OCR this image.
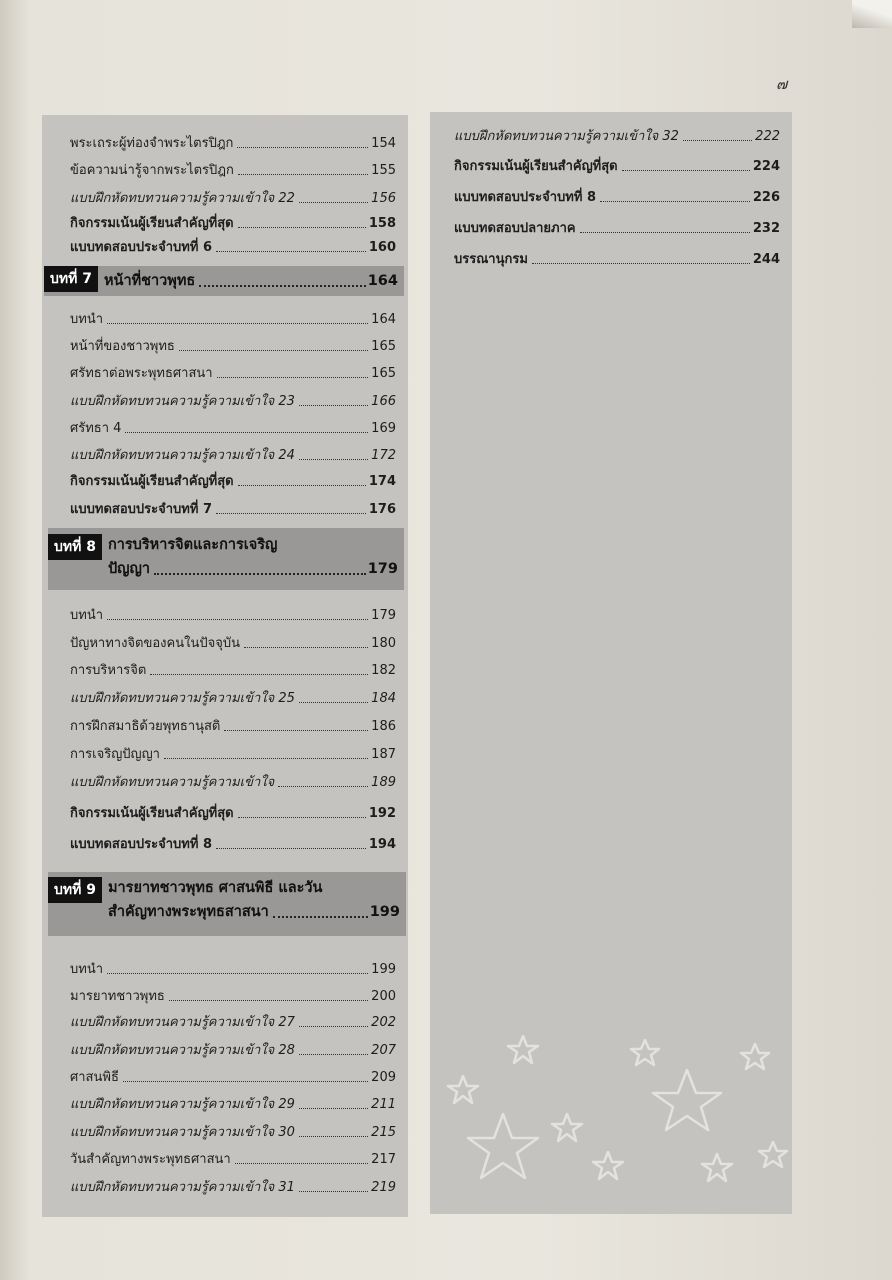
๗
พระเถระผู้ท่องจำพระไตรปิฎก	154
ข้อความน่ารู้จากพระไตรปิฎก	155
แบบฝึกหัดทบทวนความรู้ความเข้าใจ 22	156
กิจกรรมเน้นผู้เรียนสำคัญที่สุด	158
แบบทดสอบประจำบทที่ 6	160
บทที่ 7 หน้าที่ชาวพุทธ	164
บทนำ	164
หน้าที่ของชาวพุทธ	165
ศรัทธาต่อพระพุทธศาสนา	165
แบบฝึกหัดทบทวนความรู้ความเข้าใจ 23	166
ศรัทธา 4	169
แบบฝึกหัดทบทวนความรู้ความเข้าใจ 24	172
กิจกรรมเน้นผู้เรียนสำคัญที่สุด	174
แบบทดสอบประจำบทที่ 7	176
บทที่ 8 การบริหารจิตและการเจริญ
ปัญญา	179
บทนำ	179
ปัญหาทางจิตของคนในปัจจุบัน	180
การบริหารจิต	182
แบบฝึกหัดทบทวนความรู้ความเข้าใจ 25	184
การฝึกสมาธิด้วยพุทธานุสติ	186
การเจริญปัญญา	187
แบบฝึกหัดทบทวนความรู้ความเข้าใจ	189
กิจกรรมเน้นผู้เรียนสำคัญที่สุด	192
แบบทดสอบประจำบทที่ 8	194
บทที่ 9 มารยาทชาวพุทธ ศาสนพิธี และวัน
สำคัญทางพระพุทธสาสนา	199
บทนำ	199
มารยาทชาวพุทธ	200
แบบฝึกหัดทบทวนความรู้ความเข้าใจ 27	202
แบบฝึกหัดทบทวนความรู้ความเข้าใจ 28	207
ศาสนพิธี	209
แบบฝึกหัดทบทวนความรู้ความเข้าใจ 29	211
แบบฝึกหัดทบทวนความรู้ความเข้าใจ 30	215
วันสำคัญทางพระพุทธศาสนา	217
แบบฝึกหัดทบทวนความรู้ความเข้าใจ 31	219
แบบฝึกหัดทบทวนความรู้ความเข้าใจ 32	222
กิจกรรมเน้นผู้เรียนสำคัญที่สุด	224
แบบทดสอบประจำบทที่ 8	226
แบบทดสอบปลายภาค	232
บรรณานุกรม	244
